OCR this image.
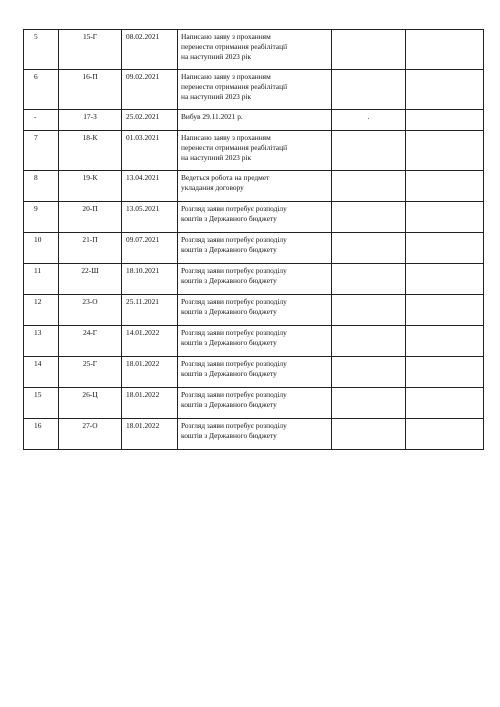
5	15-Г	08.02.2021	Написано заяву з проханням
перенести отримання реабілітації
на наступний 2023 рік		

6	16-П	09.02.2021	Написано заяву з проханням
перенести отримання реабілітації
на наступний 2023 рік		

-	17-З	25.02.2021	Вибув 29.11.2021 р.	.	
7	18-К	01.03.2021	Написано заяву з проханням
перенести отримання реабілітації
на наступний 2023 рік		

8	19-К	13.04.2021	Ведеться робота на предмет
укладання договору		

9	20-П	13.05.2021	Розгляд заяви потребує розподілу
коштів з Державного бюджету		

10	21-П	09.07.2021	Розгляд заяви потребує розподілу
коштів з Державного бюджету		

11	22-Ш	18.10.2021	Розгляд заяви потребує розподілу
коштів з Державного бюджету		

12	23-О	25.11.2021	Розгляд заяви потребує розподілу
коштів з Державного бюджету		

13	24-Г	14.01.2022	Розгляд заяви потребує розподілу
коштів з Державного бюджету		

14	25-Г	18.01.2022	Розгляд заяви потребує розподілу
коштів з Державного бюджету		

15	26-Ц	18.01.2022	Розгляд заяви потребує розподілу
коштів з Державного бюджету		

16	27-О	18.01.2022	Розгляд заяви потребує розподілу
коштів з Державного бюджету		
